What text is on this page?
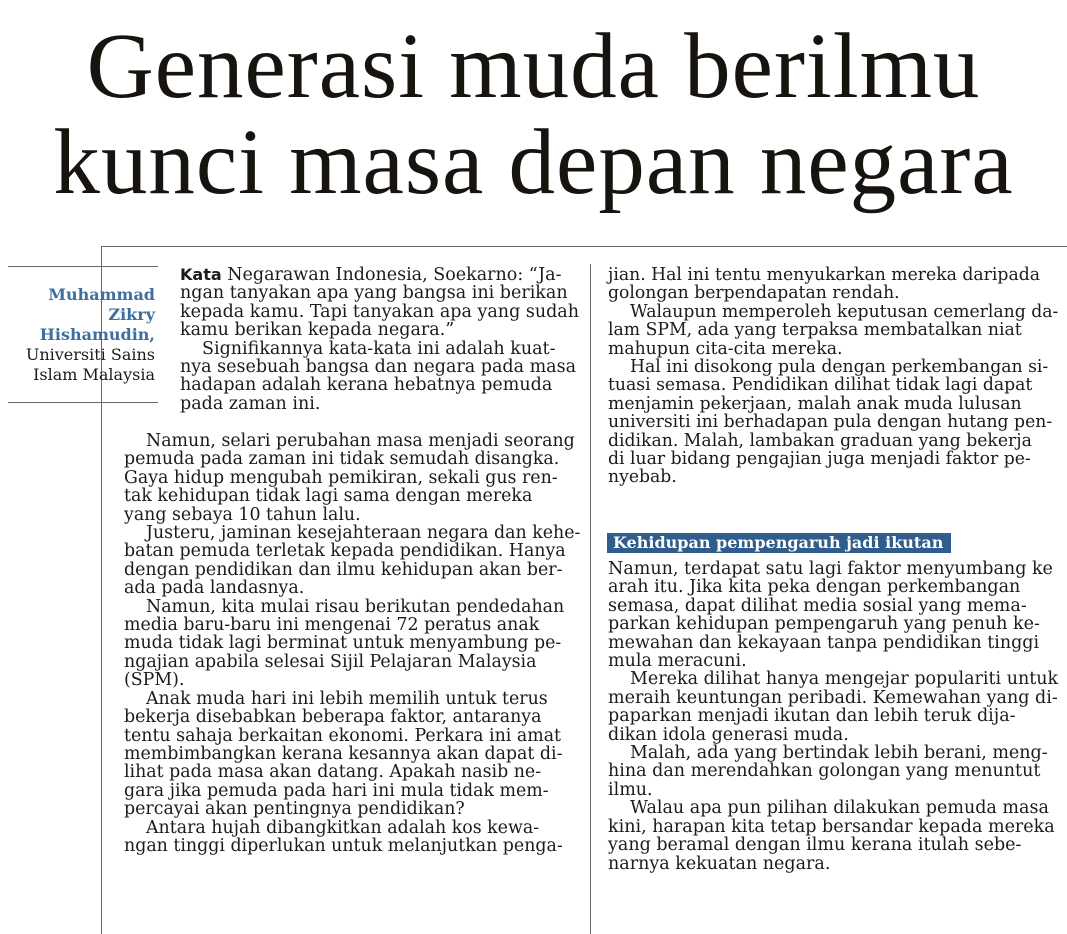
Generasi muda berilmu
kunci masa depan negara
Muhammad
Zikry
Hishamudin,
Universiti Sains
Islam Malaysia

Kata Negarawan Indonesia, Soekarno: “Ja-

ngan tanyakan apa yang bangsa ini berikan

kepada kamu. Tapi tanyakan apa yang sudah

kamu berikan kepada negara.”

Signifikannya kata-kata ini adalah kuat-

nya sesebuah bangsa dan negara pada masa

hadapan adalah kerana hebatnya pemuda

pada zaman ini.

Namun, selari perubahan masa menjadi seorang

pemuda pada zaman ini tidak semudah disangka.

Gaya hidup mengubah pemikiran, sekali gus ren-

tak kehidupan tidak lagi sama dengan mereka

yang sebaya 10 tahun lalu.

Justeru, jaminan kesejahteraan negara dan kehe-

batan pemuda terletak kepada pendidikan. Hanya

dengan pendidikan dan ilmu kehidupan akan ber-

ada pada landasnya.

Namun, kita mulai risau berikutan pendedahan

media baru-baru ini mengenai 72 peratus anak

muda tidak lagi berminat untuk menyambung pe-

ngajian apabila selesai Sijil Pelajaran Malaysia

(SPM).

Anak muda hari ini lebih memilih untuk terus

bekerja disebabkan beberapa faktor, antaranya

tentu sahaja berkaitan ekonomi. Perkara ini amat

membimbangkan kerana kesannya akan dapat di-

lihat pada masa akan datang. Apakah nasib ne-

gara jika pemuda pada hari ini mula tidak mem-

percayai akan pentingnya pendidikan?

Antara hujah dibangkitkan adalah kos kewa-

ngan tinggi diperlukan untuk melanjutkan penga-

jian. Hal ini tentu menyukarkan mereka daripada

golongan berpendapatan rendah.

Walaupun memperoleh keputusan cemerlang da-

lam SPM, ada yang terpaksa membatalkan niat

mahupun cita-cita mereka.

Hal ini disokong pula dengan perkembangan si-

tuasi semasa. Pendidikan dilihat tidak lagi dapat

menjamin pekerjaan, malah anak muda lulusan

universiti ini berhadapan pula dengan hutang pen-

didikan. Malah, lambakan graduan yang bekerja

di luar bidang pengajian juga menjadi faktor pe-

nyebab.

Kehidupan pempengaruh jadi ikutan

Namun, terdapat satu lagi faktor menyumbang ke

arah itu. Jika kita peka dengan perkembangan

semasa, dapat dilihat media sosial yang mema-

parkan kehidupan pempengaruh yang penuh ke-

mewahan dan kekayaan tanpa pendidikan tinggi

mula meracuni.

Mereka dilihat hanya mengejar populariti untuk

meraih keuntungan peribadi. Kemewahan yang di-

paparkan menjadi ikutan dan lebih teruk dija-

dikan idola generasi muda.

Malah, ada yang bertindak lebih berani, meng-

hina dan merendahkan golongan yang menuntut

ilmu.

Walau apa pun pilihan dilakukan pemuda masa

kini, harapan kita tetap bersandar kepada mereka

yang beramal dengan ilmu kerana itulah sebe-

narnya kekuatan negara.
